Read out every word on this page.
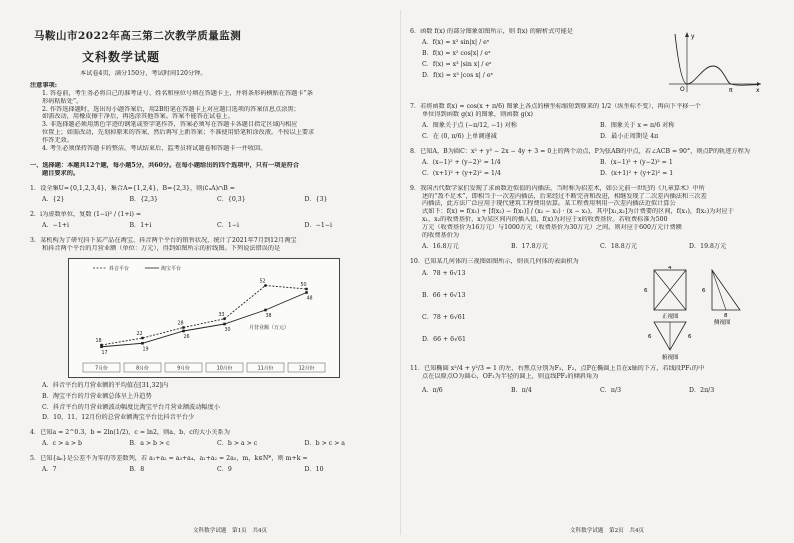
马鞍山市2022年高三第二次教学质量监测
文科数学试题
本试卷4页，满分150分，考试时间120分钟。
注意事项:
1. 答卷前，考生务必将自己的准考证号、姓名和座位号填在答题卡上，并将条形码横贴在答题卡“条
形码粘贴处”。
2. 作答选择题时，选出每小题答案后，用2B铅笔在答题卡上对应题目选项的答案信息点涂黑；
如需改动，用橡皮擦干净后，再选涂其他答案。答案不能答在试卷上。
3. 非选择题必须用黑色字迹的钢笔或签字笔作答，答案必须写在答题卡各题目指定区域内相应
位置上；如需改动，先划掉原来的答案，然后再写上新答案；不准使用铅笔和涂改液。不按以上要求
作答无效。
4. 考生必须保持答题卡的整洁。考试结束后，监考员将试题卷和答题卡一并收回。
一、选择题：本题共12个题，每小题5分，共60分。在每小题给出的四个选项中，只有一项是符合
题目要求的。
1．设全集U={0,1,2,3,4}，集合A={1,2,4}，B={2,3}，则(∁ᵤA)∩B =
A．{2}	B．{2,3}	C．{0,3}	D．{3}
2．i为虚数单位，复数 (1−i)² / (1+i) =
A．−1+i	B．1+i	C．1−i	D．−1−i
3．某机构为了研究抖下某产品在淘宝、抖音两个平台的销售状况，统计了2021年7月到12月淘宝
和抖音两个平台的月营业额（单位：万元），得到如图所示的折线图。下列说法错误的是
7月份	8月份	9月份	10月份	11月份	12月份
抖音平台	淘宝平台
月营业额（万元）
18
22
28
33
52
50
17
19
26
30
38
48
A．抖音平台的月营业额的平均值在[31,32]内
B．淘宝平台的月营业额总体呈上升趋势
C．抖音平台的月营业额波动幅度比淘宝平台月营业额波动幅度小
D．10、11、12月份的总营业额淘宝平台比抖音平台少
4．已知a = 2^0.3，b = 2ln(1/2)，c = ln2，则a、b、c的大小关系为
A．c > a > b	B．a > b > c	C．b > a > c	D．b > c > a
5．已知{aₙ}是公差不为零的等差数列，若 a₁+a₂ = a₃+a₄，a₁+a₂ = 2a₅，m，k∈N*，则 m+k =
A．7	B．8	C．9	D．10
文科数学试题　第1页　共4页
6．函数 f(x) 的部分图象如图所示，则 f(x) 的解析式可能是
A．f(x) = x² sin|x| / eˣ
B．f(x) = x² cos|x| / eˣ
C．f(x) = x³ |sin x| / eˣ
D．f(x) = x³ |cos x| / eˣ
y
O	π	x
7．若将函数 f(x) = cos(x + π/6) 图象上各点的横坐标缩短到原来的 1/2（纵坐标不变），再向下平移一个
单位得到函数 g(x) 的图象，则函数 g(x)
A．图象关于点 (−π/12, −1) 对称	B．图象关于 x = π/6 对称
C．在 (0, π/6) 上单调递减	D．最小正周期是 4π
8．已知A，B为圆C：x² + y² − 2x − 4y + 3 = 0上的两个动点，P为弦AB的中点，若∠ACB = 90°，则点P的轨迹方程为
A．(x−1)² + (y−2)² = 1/4	B．(x−1)² + (y−2)² = 1
C．(x+1)² + (y+2)² = 1/4	D．(x+1)² + (y+2)² = 1
9．我国古代数学家们发现了求函数近似值的内插法，当时称为招差术，如公元前一世纪的《九章算术》中所
述的“盈不足术”，即相当于一次差内插法，后来经过不断完善和改进，相继发现了二次差内插法和三次差
内插法，此方法广泛应用于现代建筑工程费用估算。某工程费用利用一次差内插法近似计算公
式如下：f(x) = f(x₁) + [f(x₂) − f(x₁)] / (x₂ − x₁) · (x − x₁)，其中[x₁,x₂]为计费要的区间，f(x₁)，f(x₂)为对应于
x₁，x₂的收费基价，x为某区间内的插入值，f(x)为对应于x的收费基价。若收费标准为500
万元（收费基价为16万元）与1000万元（收费基价为30万元）之间，则对应于600万元计费额
的收费基价为
A．16.8万元	B．17.8万元	C．18.8万元	D．19.8万元
10．已知某几何体的三视图如图所示，则该几何体的表面积为
A．78 + 6√13
B．66 + 6√13
C．78 + 6√61
D．66 + 6√61
6
4
正视图
6
8
侧视图
6	6
俯视图
11．已知椭圆 x²/4 + y²/3 = 1 的左、右焦点分别为F₁，F₂，点P在椭圆上且在x轴的下方，若线段PF₁的中
点在以原点O为圆心，OF₂为半径的圆上，则直线PF₂的倾斜角为
A．π/6	B．π/4	C．π/3	D．2π/3
文科数学试题　第2页　共4页
